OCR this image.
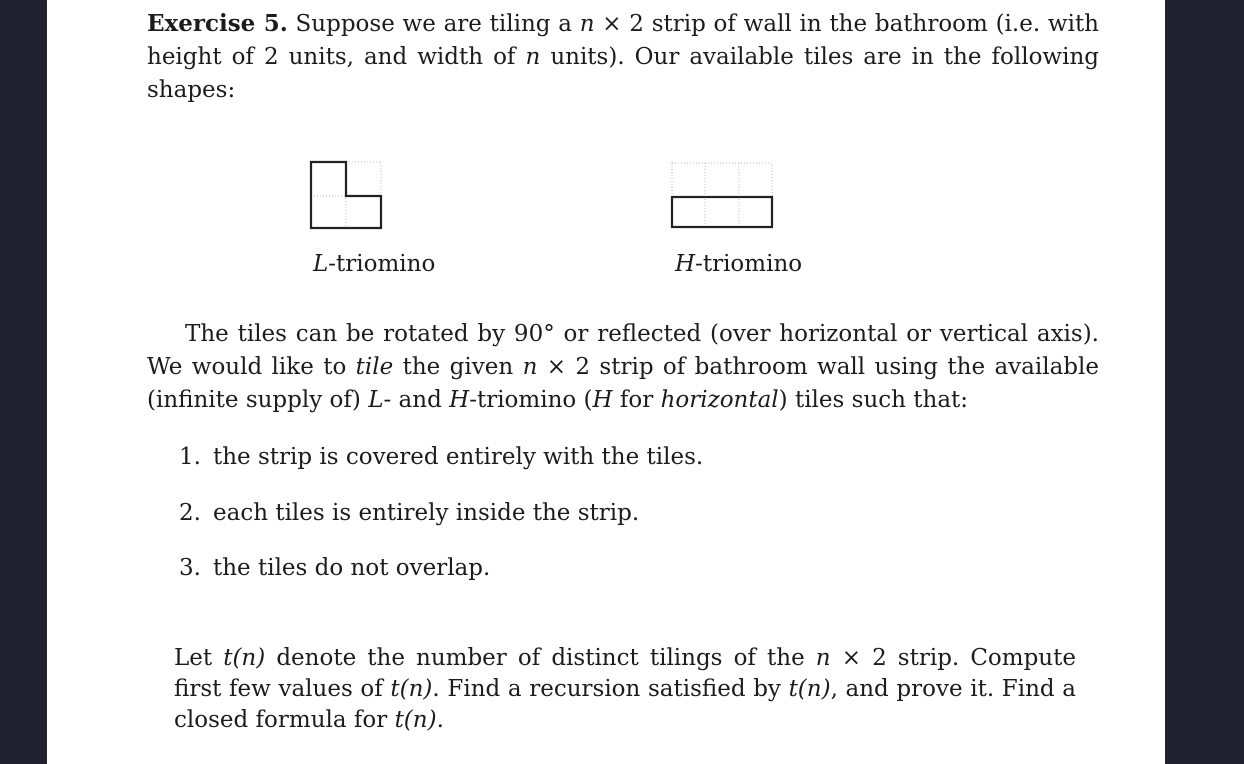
Exercise 5. Suppose we are tiling a n × 2 strip of wall in the bathroom (i.e. with height of 2 units, and width of n units). Our available tiles are in the following shapes:
L-triomino	H-triomino
The tiles can be rotated by 90° or reflected (over horizontal or vertical axis). We would like to tile the given n × 2 strip of bathroom wall using the available (infinite supply of) L- and H-triomino (H for horizontal) tiles such that:
1. the strip is covered entirely with the tiles.
2. each tiles is entirely inside the strip.
3. the tiles do not overlap.
Let t(n) denote the number of distinct tilings of the n × 2 strip. Compute first few values of t(n). Find a recursion satisfied by t(n), and prove it. Find a closed formula for t(n).
